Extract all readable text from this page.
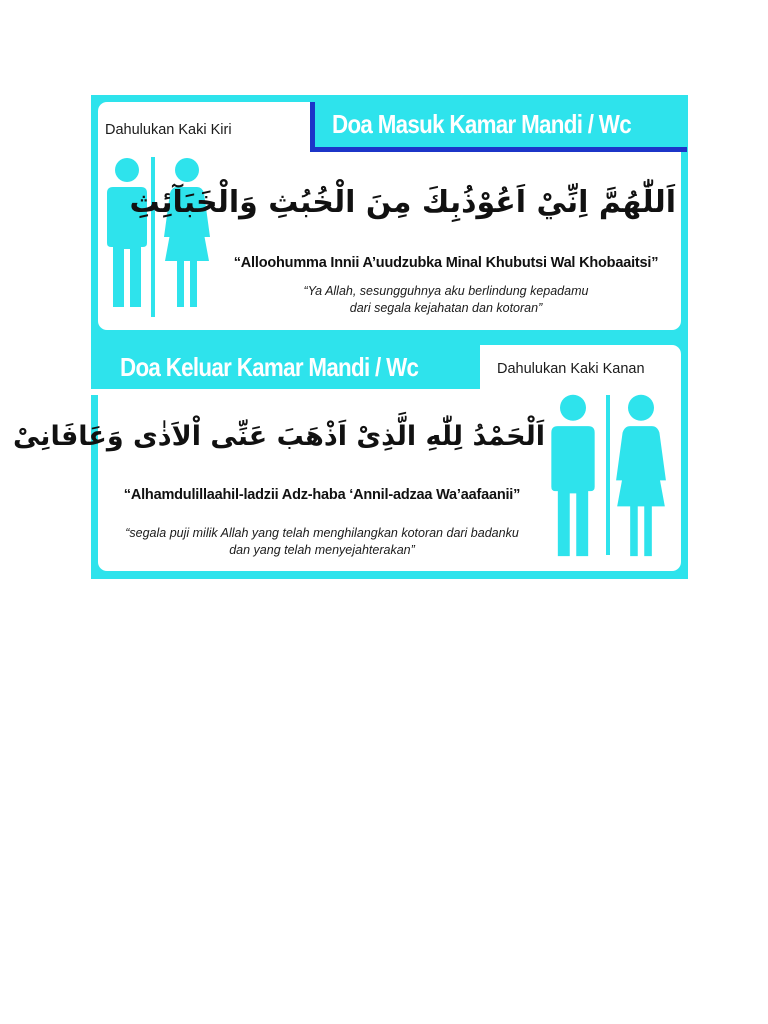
Doa Masuk Kamar Mandi / Wc
Dahulukan Kaki Kiri
اَللّٰهُمَّ اِنِّيْ اَعُوْذُبِكَ مِنَ الْخُبُثِ وَالْخَبَآئِثِ
“Alloohumma Innii A’uudzubka Minal Khubutsi Wal Khobaaitsi”
“Ya Allah, sesungguhnya aku berlindung kepadamu
dari segala kejahatan dan kotoran”
Doa Keluar Kamar Mandi / Wc	Dahulukan Kaki Kanan
اَلْحَمْدُ لِلّٰهِ الَّذِىْ اَذْهَبَ عَنِّى اْلاَذٰى وَعَافَانِىْ
“Alhamdulillaahil-ladzii Adz-haba ‘Annil-adzaa Wa’aafaanii”
“segala puji milik Allah yang telah menghilangkan kotoran dari badanku
dan yang telah menyejahterakan”
